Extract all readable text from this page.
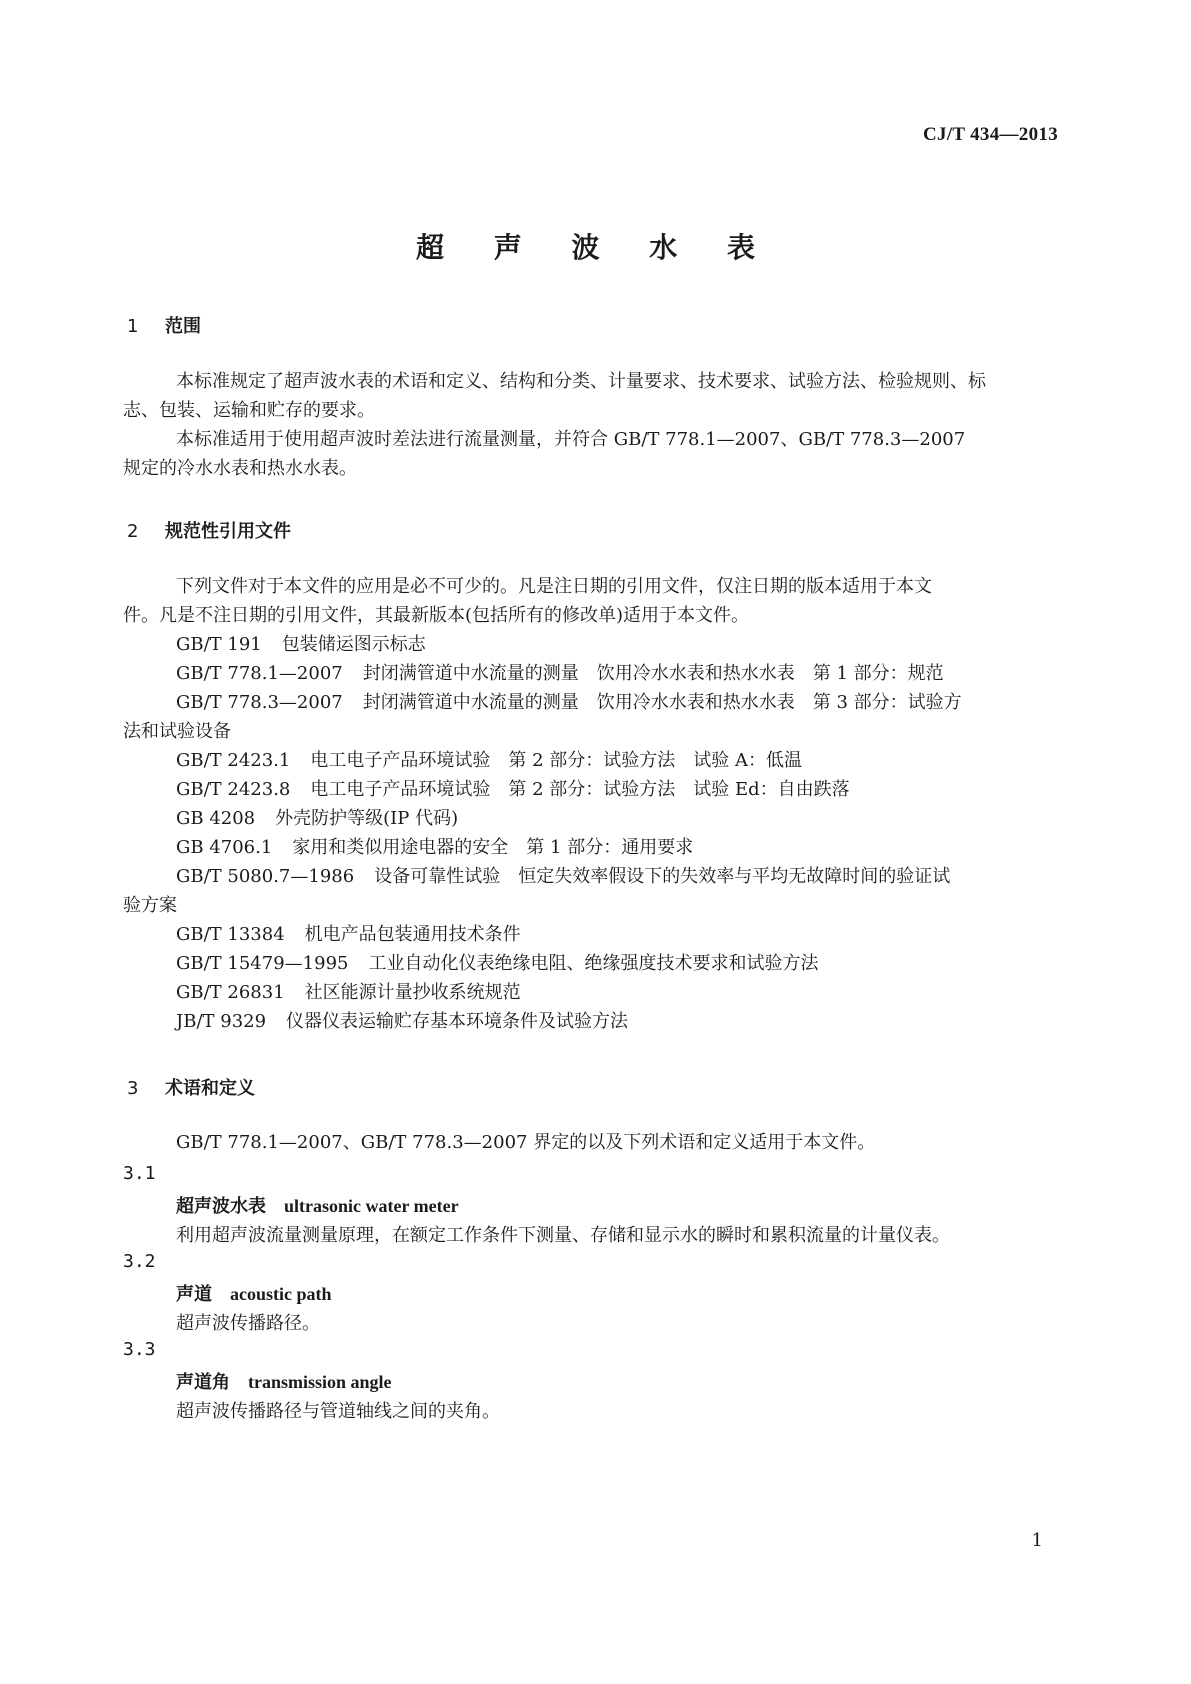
CJ/T 434—2013
超 声 波 水 表
1 范围
本标准规定了超声波水表的术语和定义、结构和分类、计量要求、技术要求、试验方法、检验规则、标
志、包装、运输和贮存的要求。
本标准适用于使用超声波时差法进行流量测量，并符合 GB/T 778.1—2007、GB/T 778.3—2007
规定的冷水水表和热水水表。
2 规范性引用文件
下列文件对于本文件的应用是必不可少的。凡是注日期的引用文件，仅注日期的版本适用于本文
件。凡是不注日期的引用文件，其最新版本(包括所有的修改单)适用于本文件。
GB/T 191 包装储运图示标志
GB/T 778.1—2007 封闭满管道中水流量的测量　饮用冷水水表和热水水表　第 1 部分：规范
GB/T 778.3—2007 封闭满管道中水流量的测量　饮用冷水水表和热水水表　第 3 部分：试验方
法和试验设备
GB/T 2423.1 电工电子产品环境试验　第 2 部分：试验方法　试验 A：低温
GB/T 2423.8 电工电子产品环境试验　第 2 部分：试验方法　试验 Ed：自由跌落
GB 4208 外壳防护等级(IP 代码)
GB 4706.1 家用和类似用途电器的安全　第 1 部分：通用要求
GB/T 5080.7—1986 设备可靠性试验　恒定失效率假设下的失效率与平均无故障时间的验证试
验方案
GB/T 13384 机电产品包装通用技术条件
GB/T 15479—1995 工业自动化仪表绝缘电阻、绝缘强度技术要求和试验方法
GB/T 26831 社区能源计量抄收系统规范
JB/T 9329 仪器仪表运输贮存基本环境条件及试验方法
3 术语和定义
GB/T 778.1—2007、GB/T 778.3—2007 界定的以及下列术语和定义适用于本文件。
3.1
超声波水表 ultrasonic water meter
利用超声波流量测量原理，在额定工作条件下测量、存储和显示水的瞬时和累积流量的计量仪表。
3.2
声道 acoustic path
超声波传播路径。
3.3
声道角 transmission angle
超声波传播路径与管道轴线之间的夹角。
1
